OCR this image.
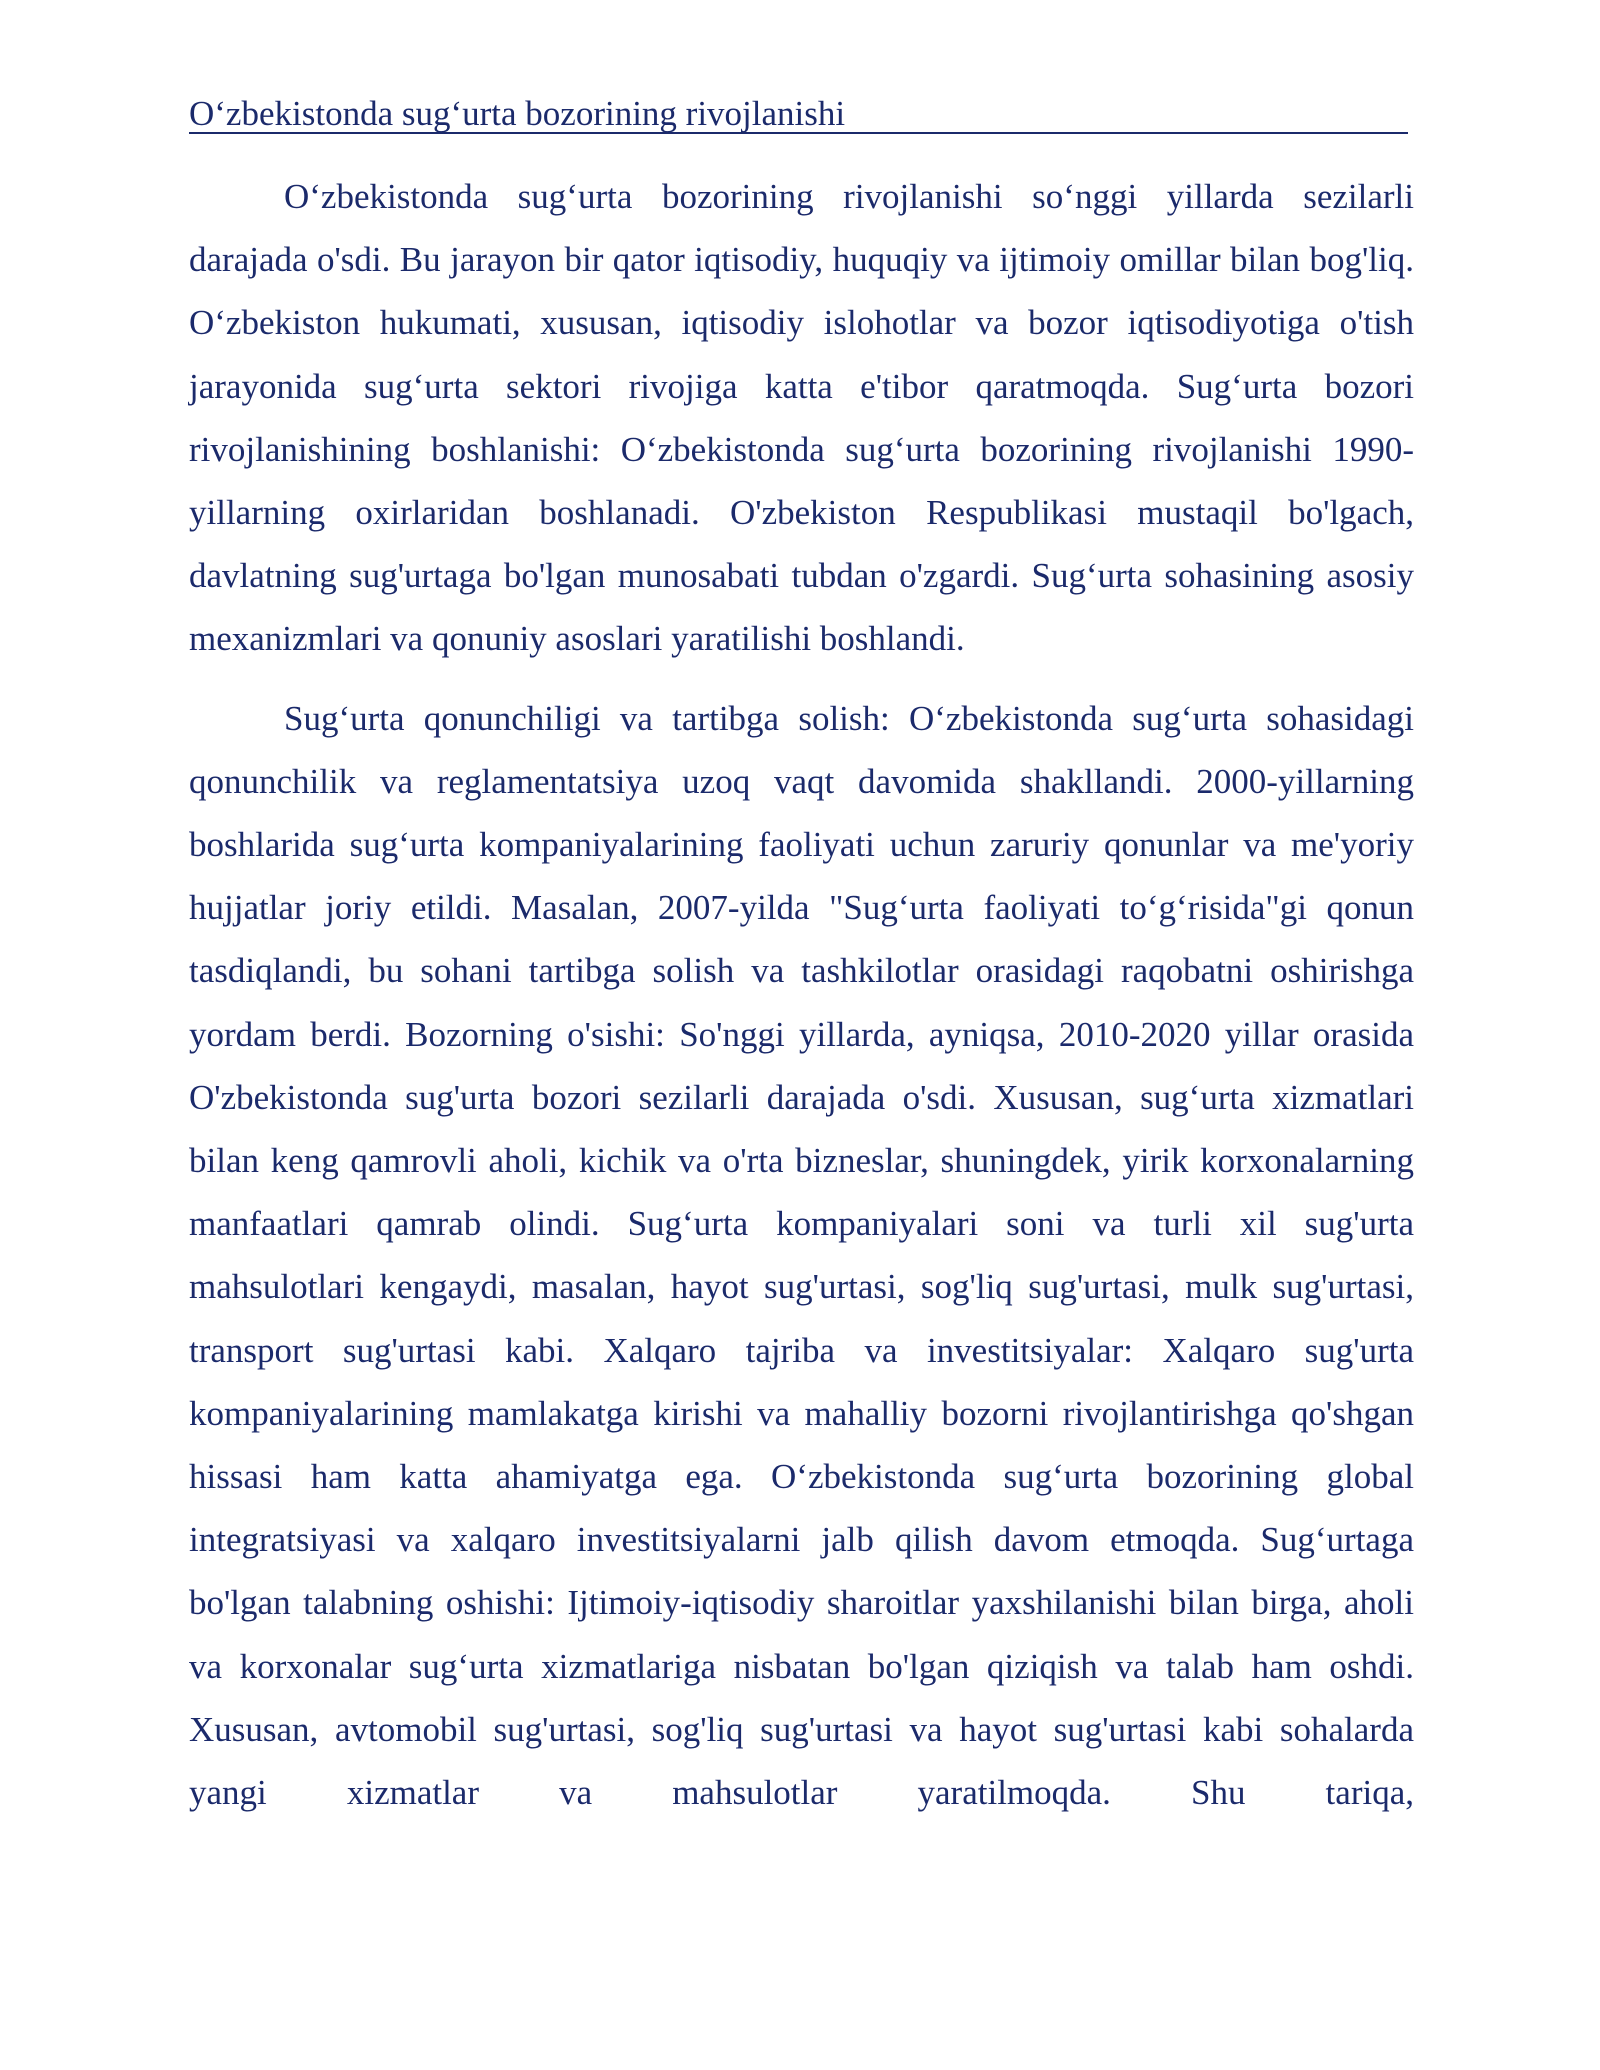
O‘zbekistonda sug‘urta bozorining rivojlanishi

O‘zbekistonda sug‘urta bozorining rivojlanishi so‘nggi yillarda sezilarli darajada o'sdi. Bu jarayon bir qator iqtisodiy, huquqiy va ijtimoiy omillar bilan bog'liq. O‘zbekiston hukumati, xususan, iqtisodiy islohotlar va bozor iqtisodiyotiga o'tish jarayonida sug‘urta sektori rivojiga katta e'tibor qaratmoqda. Sug‘urta bozori rivojlanishining boshlanishi: O‘zbekistonda sug‘urta bozorining rivojlanishi 1990-yillarning oxirlaridan boshlanadi. O'zbekiston Respublikasi mustaqil bo'lgach, davlatning sug'urtaga bo'lgan munosabati tubdan o'zgardi. Sug‘urta sohasining asosiy mexanizmlari va qonuniy asoslari yaratilishi boshlandi.

Sug‘urta qonunchiligi va tartibga solish: O‘zbekistonda sug‘urta sohasidagi qonunchilik va reglamentatsiya uzoq vaqt davomida shakllandi. 2000-yillarning boshlarida sug‘urta kompaniyalarining faoliyati uchun zaruriy qonunlar va me'yoriy hujjatlar joriy etildi. Masalan, 2007-yilda "Sug‘urta faoliyati to‘g‘risida"gi qonun tasdiqlandi, bu sohani tartibga solish va tashkilotlar orasidagi raqobatni oshirishga yordam berdi. Bozorning o'sishi: So'nggi yillarda, ayniqsa, 2010-2020 yillar orasida O'zbekistonda sug'urta bozori sezilarli darajada o'sdi. Xususan, sug‘urta xizmatlari bilan keng qamrovli aholi, kichik va o'rta bizneslar, shuningdek, yirik korxonalarning manfaatlari qamrab olindi. Sug‘urta kompaniyalari soni va turli xil sug'urta mahsulotlari kengaydi, masalan, hayot sug'urtasi, sog'liq sug'urtasi, mulk sug'urtasi, transport sug'urtasi kabi. Xalqaro tajriba va investitsiyalar: Xalqaro sug'urta kompaniyalarining mamlakatga kirishi va mahalliy bozorni rivojlantirishga qo'shgan hissasi ham katta ahamiyatga ega. O‘zbekistonda sug‘urta bozorining global integratsiyasi va xalqaro investitsiyalarni jalb qilish davom etmoqda. Sug‘urtaga bo'lgan talabning oshishi: Ijtimoiy-iqtisodiy sharoitlar yaxshilanishi bilan birga, aholi va korxonalar sug‘urta xizmatlariga nisbatan bo'lgan qiziqish va talab ham oshdi. Xususan, avtomobil sug'urtasi, sog'liq sug'urtasi va hayot sug'urtasi kabi sohalarda yangi xizmatlar va mahsulotlar yaratilmoqda. Shu tariqa,
